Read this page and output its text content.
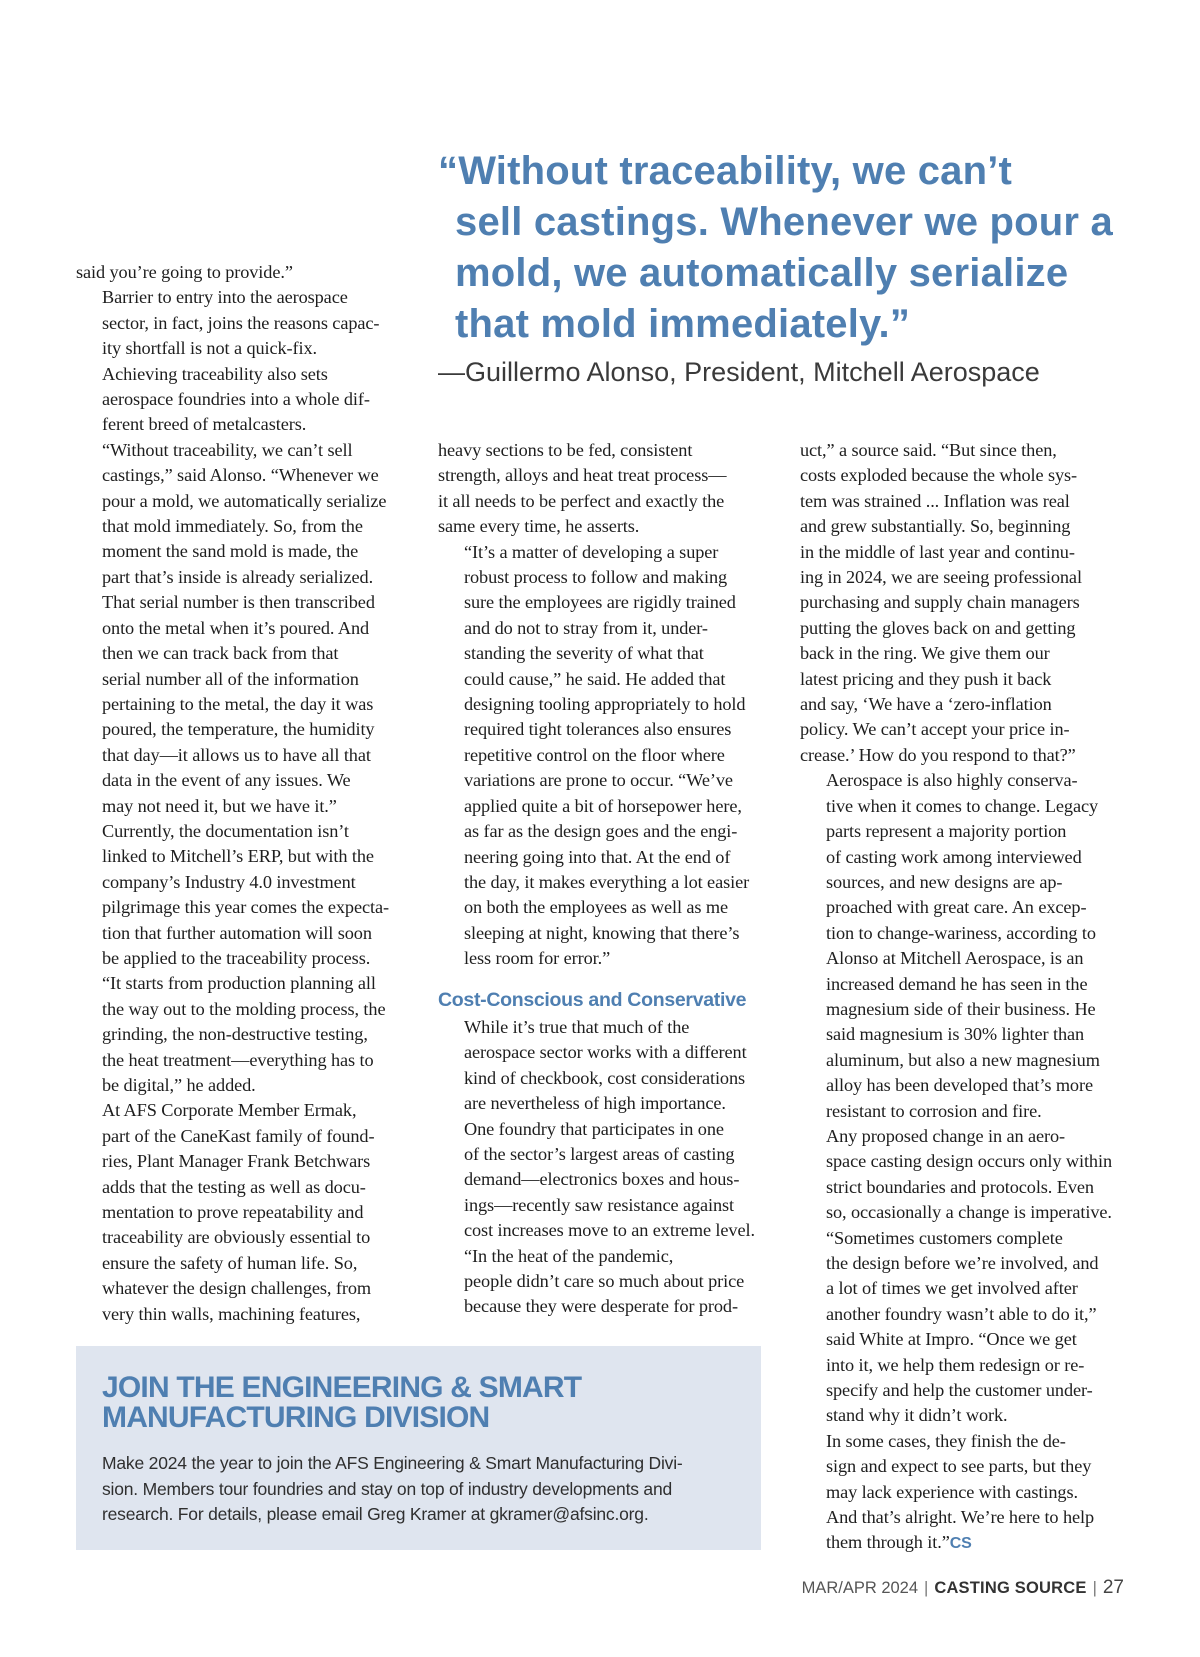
“Without traceability, we can’t
sell castings. Whenever we pour a
mold, we automatically serialize
that mold immediately.”
—Guillermo Alonso, President, Mitchell Aerospace

said you’re going to provide.”

Barrier to entry into the aerospace
sector, in fact, joins the reasons capac-
ity shortfall is not a quick-fix.

Achieving traceability also sets
aerospace foundries into a whole dif-
ferent breed of metalcasters.

“Without traceability, we can’t sell
castings,” said Alonso. “Whenever we
pour a mold, we automatically serialize
that mold immediately. So, from the
moment the sand mold is made, the
part that’s inside is already serialized.
That serial number is then transcribed
onto the metal when it’s poured. And
then we can track back from that
serial number all of the information
pertaining to the metal, the day it was
poured, the temperature, the humidity
that day—it allows us to have all that
data in the event of any issues. We
may not need it, but we have it.”

Currently, the documentation isn’t
linked to Mitchell’s ERP, but with the
company’s Industry 4.0 investment
pilgrimage this year comes the expecta-
tion that further automation will soon
be applied to the traceability process.
“It starts from production planning all
the way out to the molding process, the
grinding, the non-destructive testing,
the heat treatment—everything has to
be digital,” he added.

At AFS Corporate Member Ermak,
part of the CaneKast family of found-
ries, Plant Manager Frank Betchwars
adds that the testing as well as docu-
mentation to prove repeatability and
traceability are obviously essential to
ensure the safety of human life. So,
whatever the design challenges, from
very thin walls, machining features,

heavy sections to be fed, consistent
strength, alloys and heat treat process—
it all needs to be perfect and exactly the
same every time, he asserts.

“It’s a matter of developing a super
robust process to follow and making
sure the employees are rigidly trained
and do not to stray from it, under-
standing the severity of what that
could cause,” he said. He added that
designing tooling appropriately to hold
required tight tolerances also ensures
repetitive control on the floor where
variations are prone to occur. “We’ve
applied quite a bit of horsepower here,
as far as the design goes and the engi-
neering going into that. At the end of
the day, it makes everything a lot easier
on both the employees as well as me
sleeping at night, knowing that there’s
less room for error.”

Cost-Conscious and Conservative

While it’s true that much of the
aerospace sector works with a different
kind of checkbook, cost considerations
are nevertheless of high importance.
One foundry that participates in one
of the sector’s largest areas of casting
demand—electronics boxes and hous-
ings—recently saw resistance against
cost increases move to an extreme level.

“In the heat of the pandemic,
people didn’t care so much about price
because they were desperate for prod-

uct,” a source said. “But since then,
costs exploded because the whole sys-
tem was strained ... Inflation was real
and grew substantially. So, beginning
in the middle of last year and continu-
ing in 2024, we are seeing professional
purchasing and supply chain managers
putting the gloves back on and getting
back in the ring. We give them our
latest pricing and they push it back
and say, ‘We have a ‘zero-inflation
policy. We can’t accept your price in-
crease.’ How do you respond to that?”

Aerospace is also highly conserva-
tive when it comes to change. Legacy
parts represent a majority portion
of casting work among interviewed
sources, and new designs are ap-
proached with great care. An excep-
tion to change-wariness, according to
Alonso at Mitchell Aerospace, is an
increased demand he has seen in the
magnesium side of their business. He
said magnesium is 30% lighter than
aluminum, but also a new magnesium
alloy has been developed that’s more
resistant to corrosion and fire.

Any proposed change in an aero-
space casting design occurs only within
strict boundaries and protocols. Even
so, occasionally a change is imperative.

“Sometimes customers complete
the design before we’re involved, and
a lot of times we get involved after
another foundry wasn’t able to do it,”
said White at Impro. “Once we get
into it, we help them redesign or re-
specify and help the customer under-
stand why it didn’t work.

In some cases, they finish the de-
sign and expect to see parts, but they
may lack experience with castings.
And that’s alright. We’re here to help
them through it.”CS

JOIN THE ENGINEERING & SMART
MANUFACTURING DIVISION
Make 2024 the year to join the AFS Engineering & Smart Manufacturing Divi-
sion. Members tour foundries and stay on top of industry developments and
research. For details, please email Greg Kramer at gkramer@afsinc.org.
MAR/APR 2024 | CASTING SOURCE | 27
